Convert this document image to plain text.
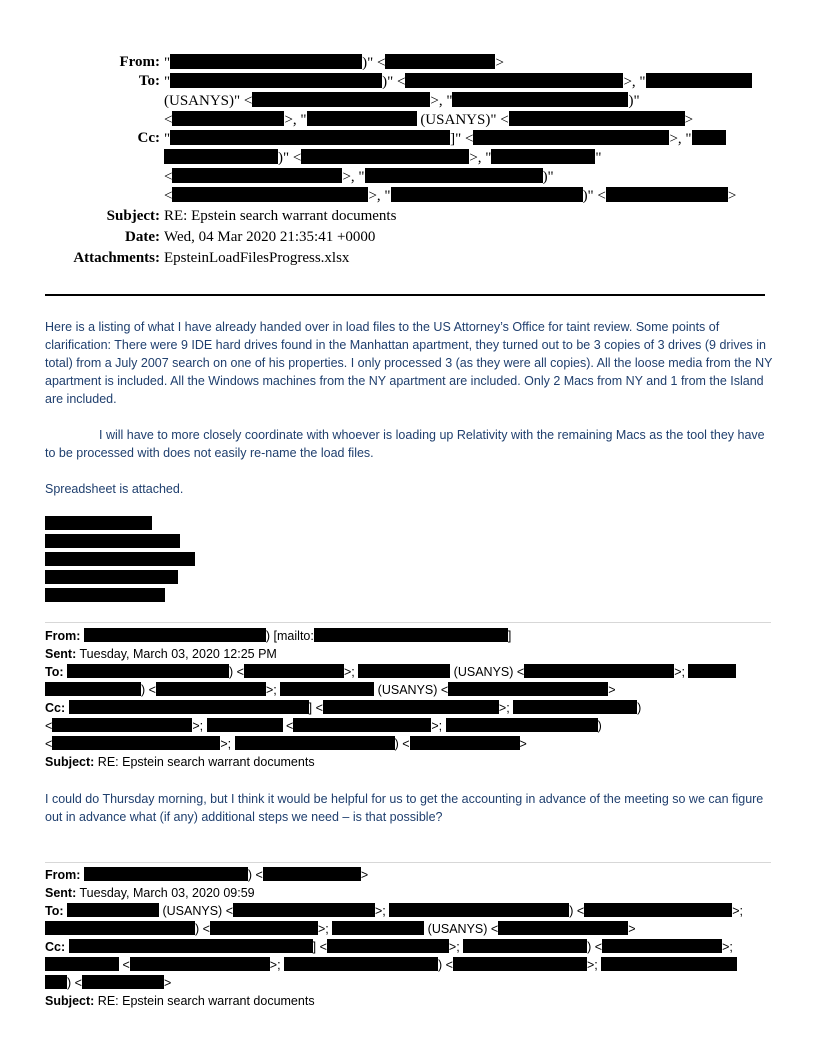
From: "	)" <	>
To: "	)" <	>, "
(USANYS)" <	>, "	)"
<	>, "	(USANYS)" <	>
Cc: "	]" <	>, "
)" <	>, "	"
<	>, "	)"
<	>, "	)" <	>
Subject: RE: Epstein search warrant documents
Date: Wed, 04 Mar 2020 21:35:41 +0000
Attachments: EpsteinLoadFilesProgress.xlsx

Here is a listing of what I have already handed over in load files to the US Attorney’s Office for taint review. Some points of clarification: There were 9 IDE hard drives found in the Manhattan apartment, they turned out to be 3 copies of 3 drives (9 drives in total) from a July 2007 search on one of his properties. I only processed 3 (as they were all copies). All the loose media from the NY apartment is included. All the Windows machines from the NY apartment are included. Only 2 Macs from NY and 1 from the Island are included.

I will have to more closely coordinate with whoever is loading up Relativity with the remaining Macs as the tool they have to be processed with does not easily re-name the load files.

Spreadsheet is attached.

From:	) [mailto:	]
Sent: Tuesday, March 03, 2020 12:25 PM
To:	) <	>;	(USANYS) <	>;
) <	>;	(USANYS) <	>
Cc:	] <	>;	)
<	>;	<	>;	)
<	>;	) <	>
Subject: RE: Epstein search warrant documents
I could do Thursday morning, but I think it would be helpful for us to get the accounting in advance of the meeting so we can figure out in advance what (if any) additional steps we need – is that possible?
From:	) <	>
Sent: Tuesday, March 03, 2020 09:59
To:	(USANYS) <	>;	) <	>;
) <	>;	(USANYS) <	>
Cc:	] <	>;	) <	>;
<	>;	) <	>;
) <	>
Subject: RE: Epstein search warrant documents
